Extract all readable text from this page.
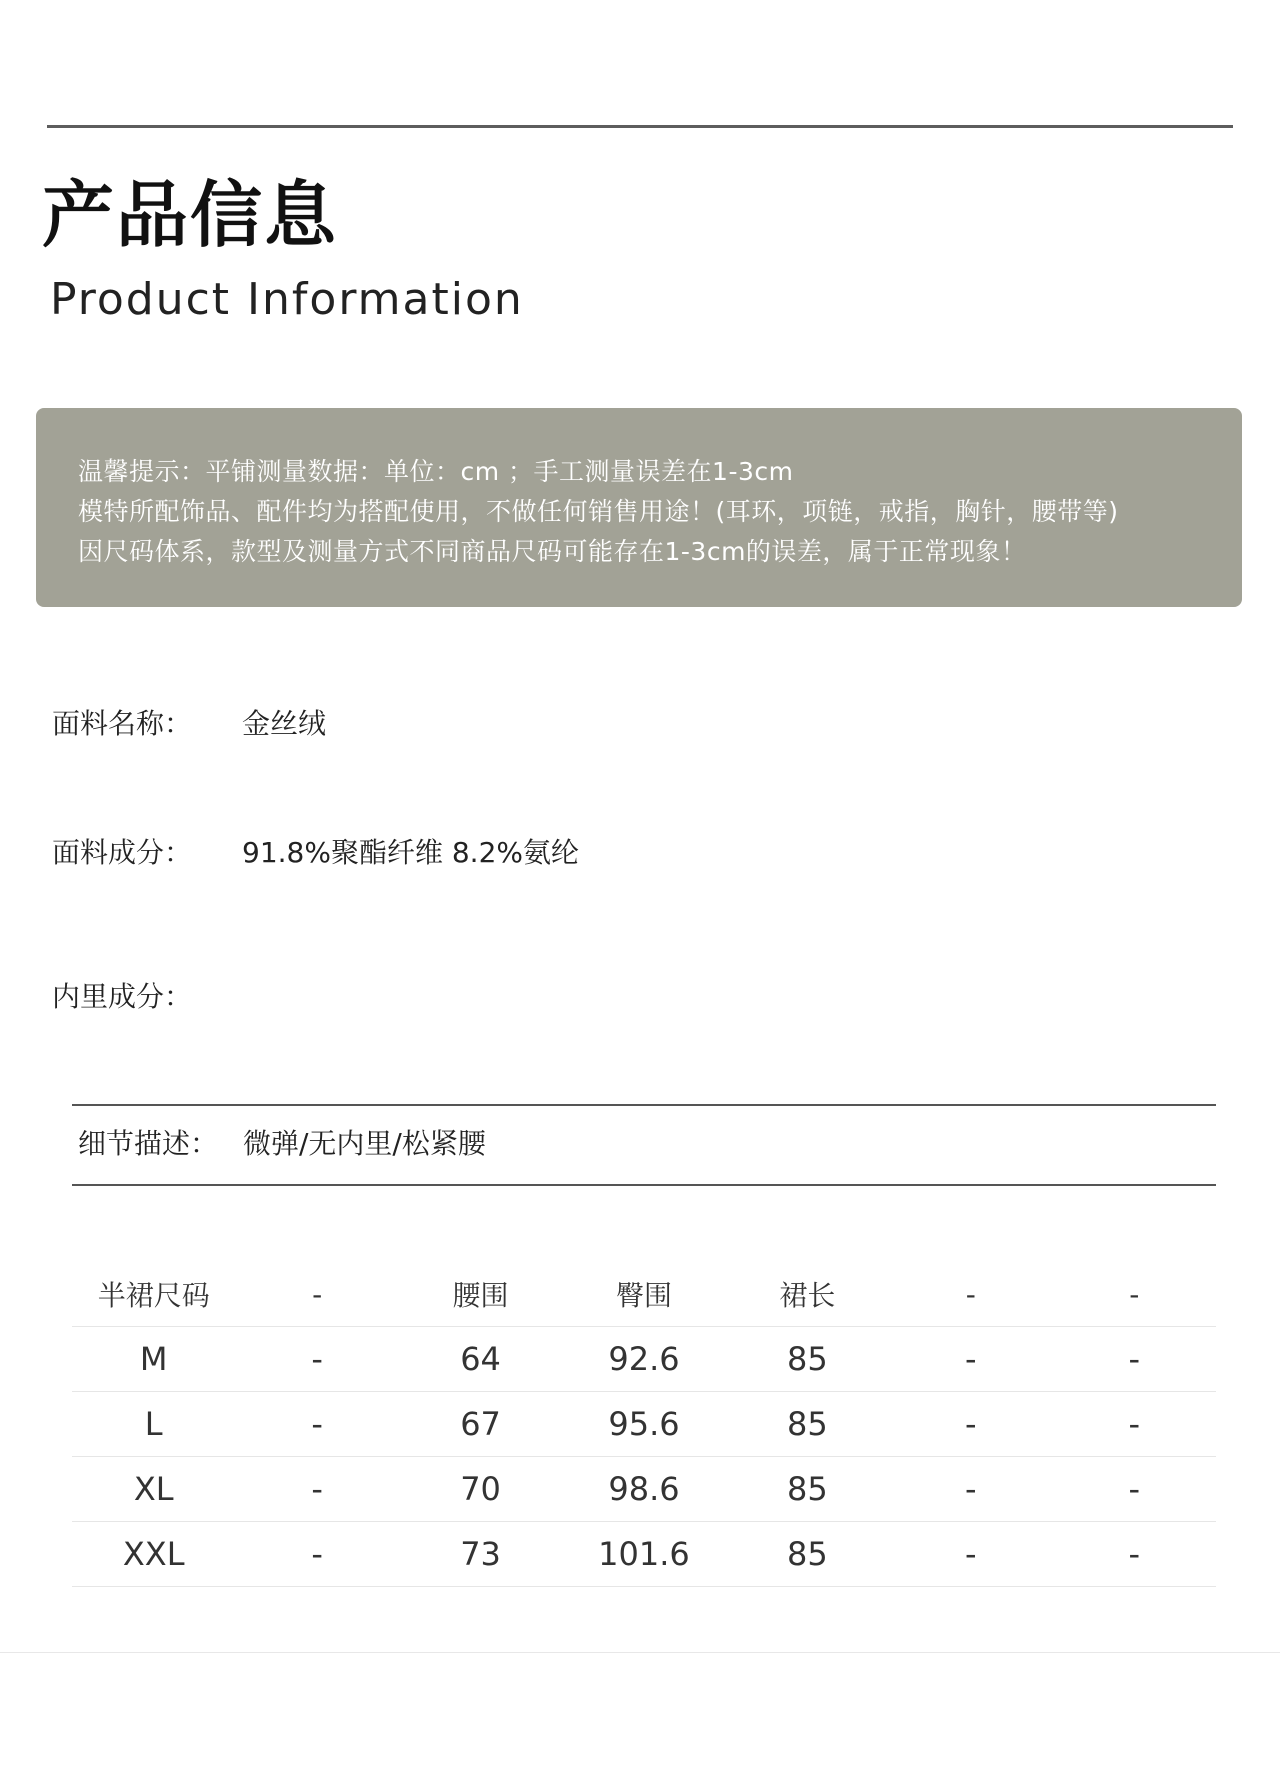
产品信息
Product Information

温馨提示：平铺测量数据：单位：cm ；手工测量误差在1-3cm

模特所配饰品、配件均为搭配使用，不做任何销售用途！(耳环，项链，戒指，胸针，腰带等)

因尺码体系，款型及测量方式不同商品尺码可能存在1-3cm的误差，属于正常现象！

面料名称： 金丝绒
面料成分： 91.8%聚酯纤维 8.2%氨纶
内里成分：
细节描述： 微弹/无内里/松紧腰
半裙尺码	-	腰围	臀围	裙长	-	-
M	-	64	92.6	85	-	-
L	-	67	95.6	85	-	-
XL	-	70	98.6	85	-	-
XXL	-	73	101.6	85	-	-
